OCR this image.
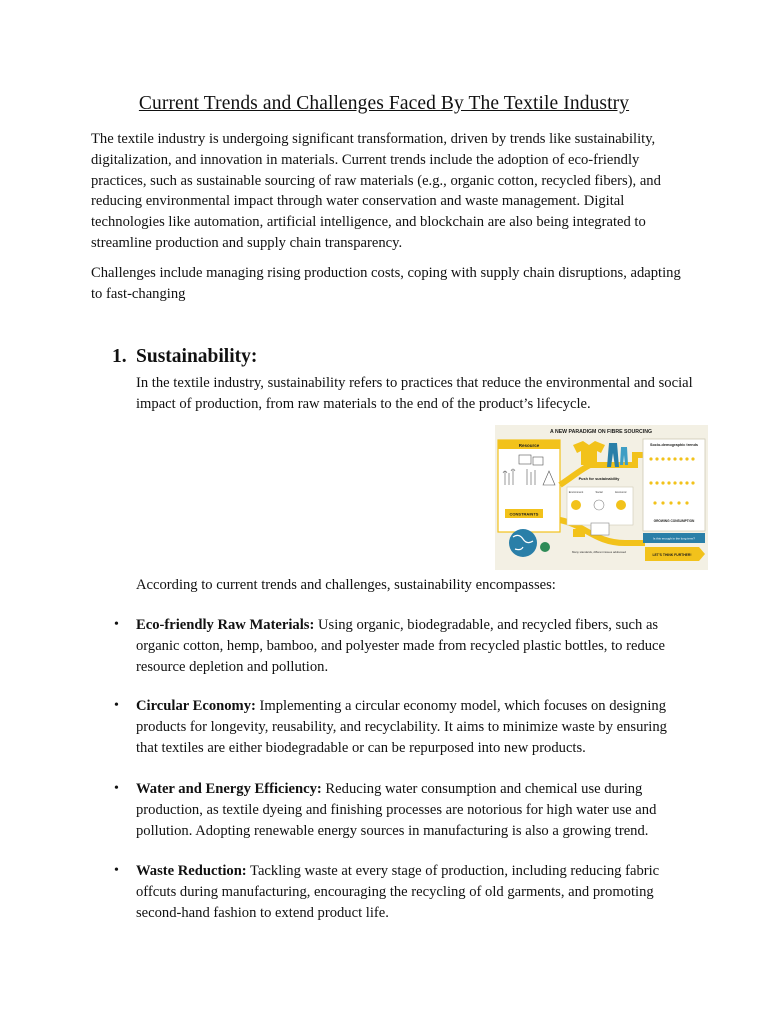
Current Trends and Challenges Faced By The Textile Industry

The textile industry is undergoing significant transformation, driven by trends like sustainability, digitalization, and innovation in materials. Current trends include the adoption of eco-friendly practices, such as sustainable sourcing of raw materials (e.g., organic cotton, recycled fibers), and reducing environmental impact through water conservation and waste management. Digital technologies like automation, artificial intelligence, and blockchain are also being integrated to streamline production and supply chain transparency.

Challenges include managing rising production costs, coping with supply chain disruptions, adapting to fast-changing

1. Sustainability:

In the textile industry, sustainability refers to practices that reduce the environmental and social impact of production, from raw materials to the end of the product’s lifecycle.

A NEW PARADIGM ON FIBRE SOURCING
Resource
CONSTRAINTS
Push for sustainability
Environment	Social	Economic
Many standards, different issues addressed
Socio-demographic trends
GROWING CONSUMPTION
Is this enough in the long term?
LET'S THINK FURTHER!

According to current trends and challenges, sustainability encompasses:

• Eco-friendly Raw Materials: Using organic, biodegradable, and recycled fibers, such as organic cotton, hemp, bamboo, and polyester made from recycled plastic bottles, to reduce resource depletion and pollution.

• Circular Economy: Implementing a circular economy model, which focuses on designing products for longevity, reusability, and recyclability. It aims to minimize waste by ensuring that textiles are either biodegradable or can be repurposed into new products.

• Water and Energy Efficiency: Reducing water consumption and chemical use during production, as textile dyeing and finishing processes are notorious for high water use and pollution. Adopting renewable energy sources in manufacturing is also a growing trend.

• Waste Reduction: Tackling waste at every stage of production, including reducing fabric offcuts during manufacturing, encouraging the recycling of old garments, and promoting second-hand fashion to extend product life.
